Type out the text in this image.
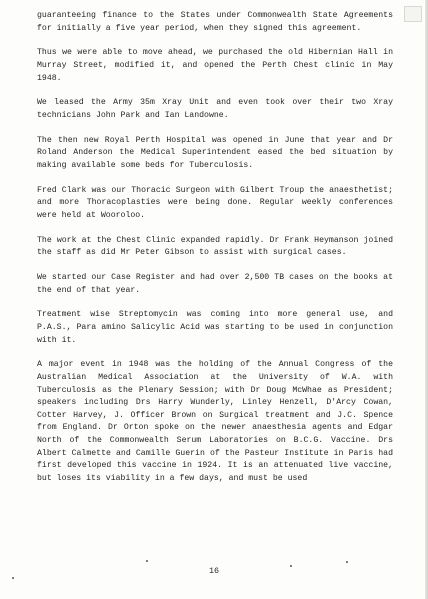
guaranteeing finance to the States under Commonwealth State Agreements for initially a five year period, when they signed this agreement.

Thus we were able to move ahead, we purchased the old Hibernian Hall in Murray Street, modified it, and opened the Perth Chest clinic in May 1948.

We leased the Army 35m Xray Unit and even took over their two Xray technicians John Park and Ian Landowne.

The then new Royal Perth Hospital was opened in June that year and Dr Roland Anderson the Medical Superintendent eased the bed situation by making available some beds for Tuberculosis.

Fred Clark was our Thoracic Surgeon with Gilbert Troup the anaesthetist; and more Thoracoplasties were being done. Regular weekly conferences were held at Wooroloo.

The work at the Chest Clinic expanded rapidly. Dr Frank Heymanson joined the staff as did Mr Peter Gibson to assist with surgical cases.

We started our Case Register and had over 2,500 TB cases on the books at the end of that year.

Treatment wise Streptomycin was coming into more general use, and P.A.S., Para amino Salicylic Acid was starting to be used in conjunction with it.

A major event in 1948 was the holding of the Annual Congress of the Australian Medical Association at the University of W.A. with Tuberculosis as the Plenary Session; with Dr Doug McWhae as President; speakers including Drs Harry Wunderly, Linley Henzell, D'Arcy Cowan, Cotter Harvey, J. Officer Brown on Surgical treatment and J.C. Spence from England. Dr Orton spoke on the newer anaesthesia agents and Edgar North of the Commonwealth Serum Laboratories on B.C.G. Vaccine. Drs Albert Calmette and Camille Guerin of the Pasteur Institute in Paris had first developed this vaccine in 1924. It is an attenuated live vaccine, but loses its viability in a few days, and must be used

16
